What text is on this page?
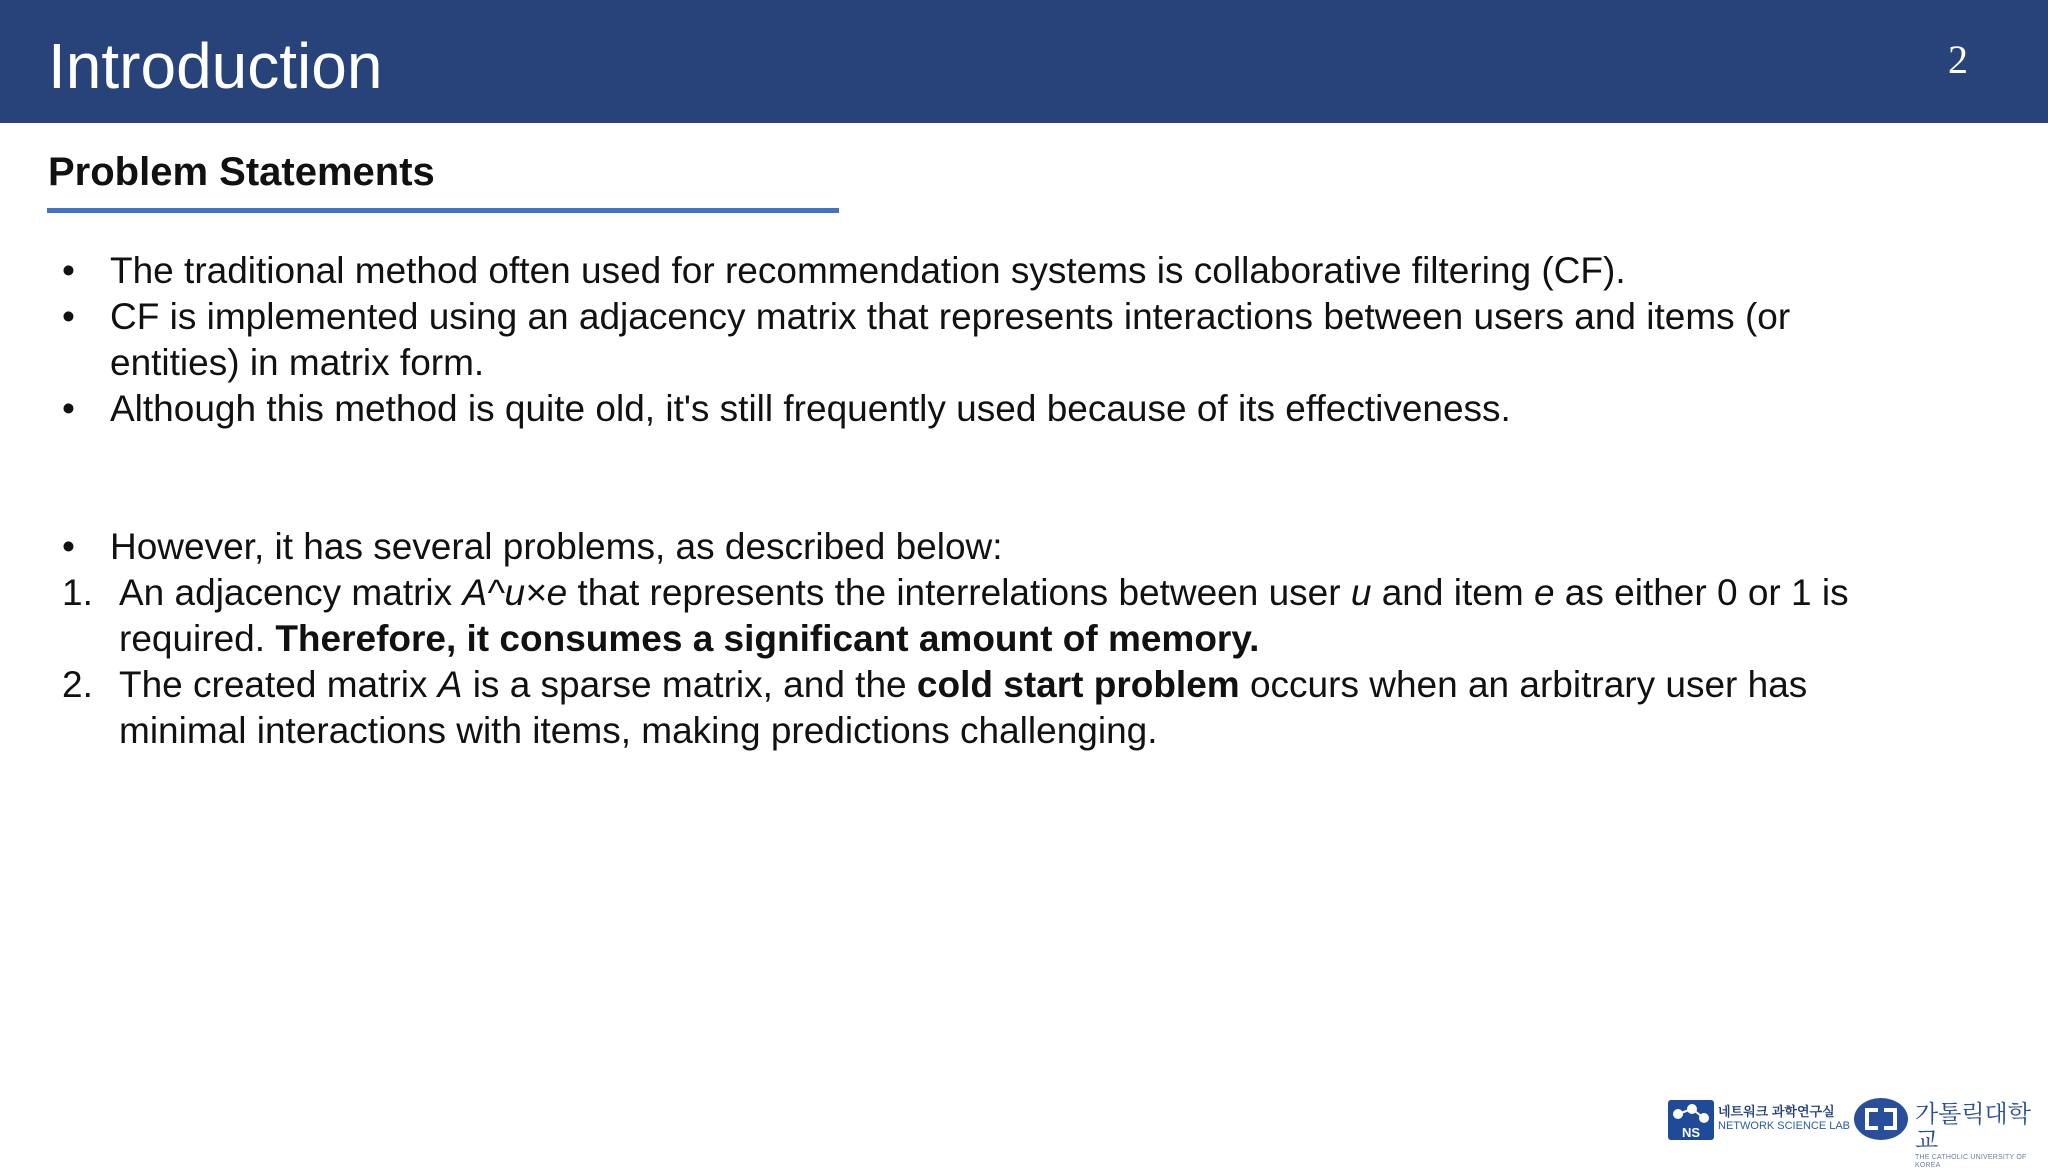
Introduction	2
Problem Statements
• The traditional method often used for recommendation systems is collaborative filtering (CF).
• CF is implemented using an adjacency matrix that represents interactions between users and items (or entities) in matrix form.
• Although this method is quite old, it's still frequently used because of its effectiveness.
• However, it has several problems, as described below:
1. An adjacency matrix A^u×e that represents the interrelations between user u and item e as either 0 or 1 is required. Therefore, it consumes a significant amount of memory.
2. The created matrix A is a sparse matrix, and the cold start problem occurs when an arbitrary user has minimal interactions with items, making predictions challenging.
NS
네트워크 과학연구실
NETWORK SCIENCE LAB	가톨릭대학교
THE CATHOLIC UNIVERSITY OF KOREA
